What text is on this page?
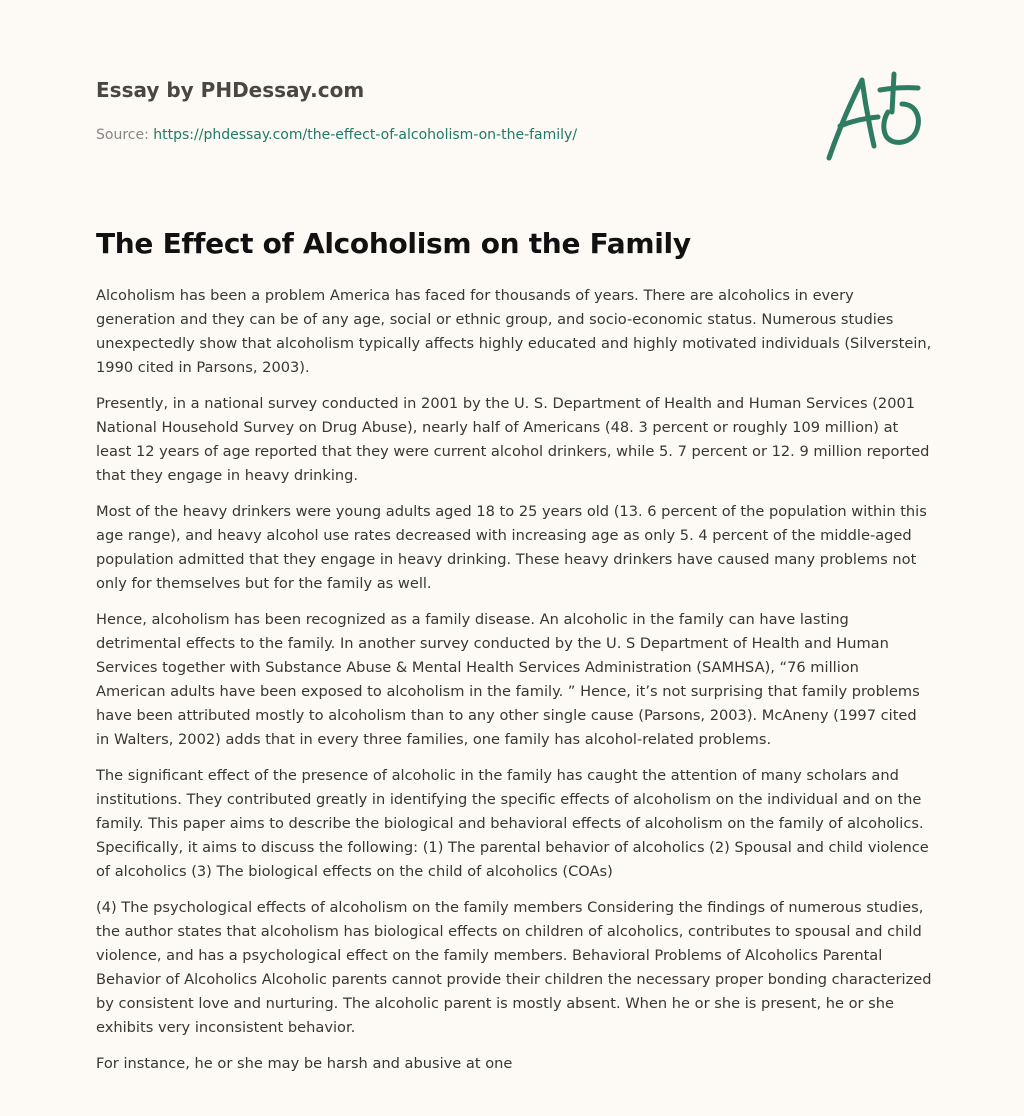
Essay by PHDessay.com
Source: https://phdessay.com/the-effect-of-alcoholism-on-the-family/
The Effect of Alcoholism on the Family

Alcoholism has been a problem America has faced for thousands of years. There are alcoholics in every generation and they can be of any age, social or ethnic group, and socio-economic status. Numerous studies unexpectedly show that alcoholism typically affects highly educated and highly motivated individuals (Silverstein, 1990 cited in Parsons, 2003).

Presently, in a national survey conducted in 2001 by the U. S. Department of Health and Human Services (2001 National Household Survey on Drug Abuse), nearly half of Americans (48. 3 percent or roughly 109 million) at least 12 years of age reported that they were current alcohol drinkers, while 5. 7 percent or 12. 9 million reported that they engage in heavy drinking.

Most of the heavy drinkers were young adults aged 18 to 25 years old (13. 6 percent of the population within this age range), and heavy alcohol use rates decreased with increasing age as only 5. 4 percent of the middle-aged population admitted that they engage in heavy drinking. These heavy drinkers have caused many problems not only for themselves but for the family as well.

Hence, alcoholism has been recognized as a family disease. An alcoholic in the family can have lasting detrimental effects to the family. In another survey conducted by the U. S Department of Health and Human Services together with Substance Abuse & Mental Health Services Administration (SAMHSA), “76 million American adults have been exposed to alcoholism in the family. ” Hence, it’s not surprising that family problems have been attributed mostly to alcoholism than to any other single cause (Parsons, 2003). McAneny (1997 cited in Walters, 2002) adds that in every three families, one family has alcohol-related problems.

The significant effect of the presence of alcoholic in the family has caught the attention of many scholars and institutions. They contributed greatly in identifying the specific effects of alcoholism on the individual and on the family. This paper aims to describe the biological and behavioral effects of alcoholism on the family of alcoholics. Specifically, it aims to discuss the following: (1) The parental behavior of alcoholics (2) Spousal and child violence of alcoholics (3) The biological effects on the child of alcoholics (COAs)

(4) The psychological effects of alcoholism on the family members Considering the findings of numerous studies, the author states that alcoholism has biological effects on children of alcoholics, contributes to spousal and child violence, and has a psychological effect on the family members. Behavioral Problems of Alcoholics Parental Behavior of Alcoholics Alcoholic parents cannot provide their children the necessary proper bonding characterized by consistent love and nurturing. The alcoholic parent is mostly absent. When he or she is present, he or she exhibits very inconsistent behavior.

For instance, he or she may be harsh and abusive at one
